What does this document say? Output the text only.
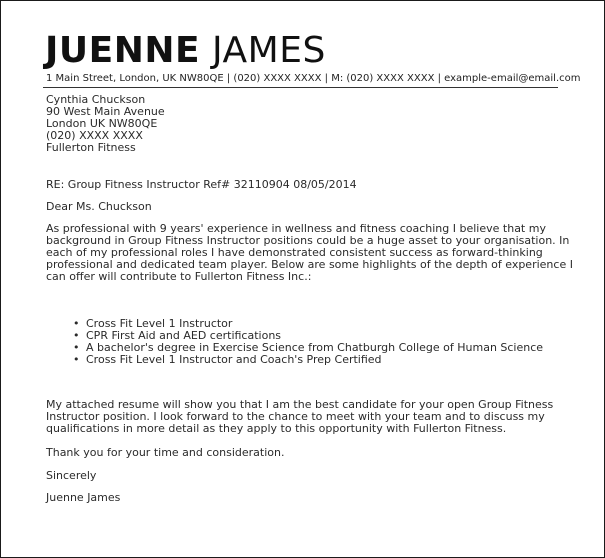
JUENNE JAMES
1 Main Street, London, UK NW80QE | (020) XXXX XXXX | M: (020) XXXX XXXX | example-email@email.com
Cynthia Chuckson
90 West Main Avenue
London UK NW80QE
(020) XXXX XXXX
Fullerton Fitness
RE: Group Fitness Instructor Ref# 32110904 08/05/2014
Dear Ms. Chuckson
As professional with 9 years' experience in wellness and fitness coaching I believe that my
background in Group Fitness Instructor positions could be a huge asset to your organisation. In
each of my professional roles I have demonstrated consistent success as forward-thinking
professional and dedicated team player. Below are some highlights of the depth of experience I
can offer will contribute to Fullerton Fitness Inc.:
• Cross Fit Level 1 Instructor
• CPR First Aid and AED certifications
• A bachelor's degree in Exercise Science from Chatburgh College of Human Science
• Cross Fit Level 1 Instructor and Coach's Prep Certified
My attached resume will show you that I am the best candidate for your open Group Fitness
Instructor position. I look forward to the chance to meet with your team and to discuss my
qualifications in more detail as they apply to this opportunity with Fullerton Fitness.
Thank you for your time and consideration.
Sincerely
Juenne James
